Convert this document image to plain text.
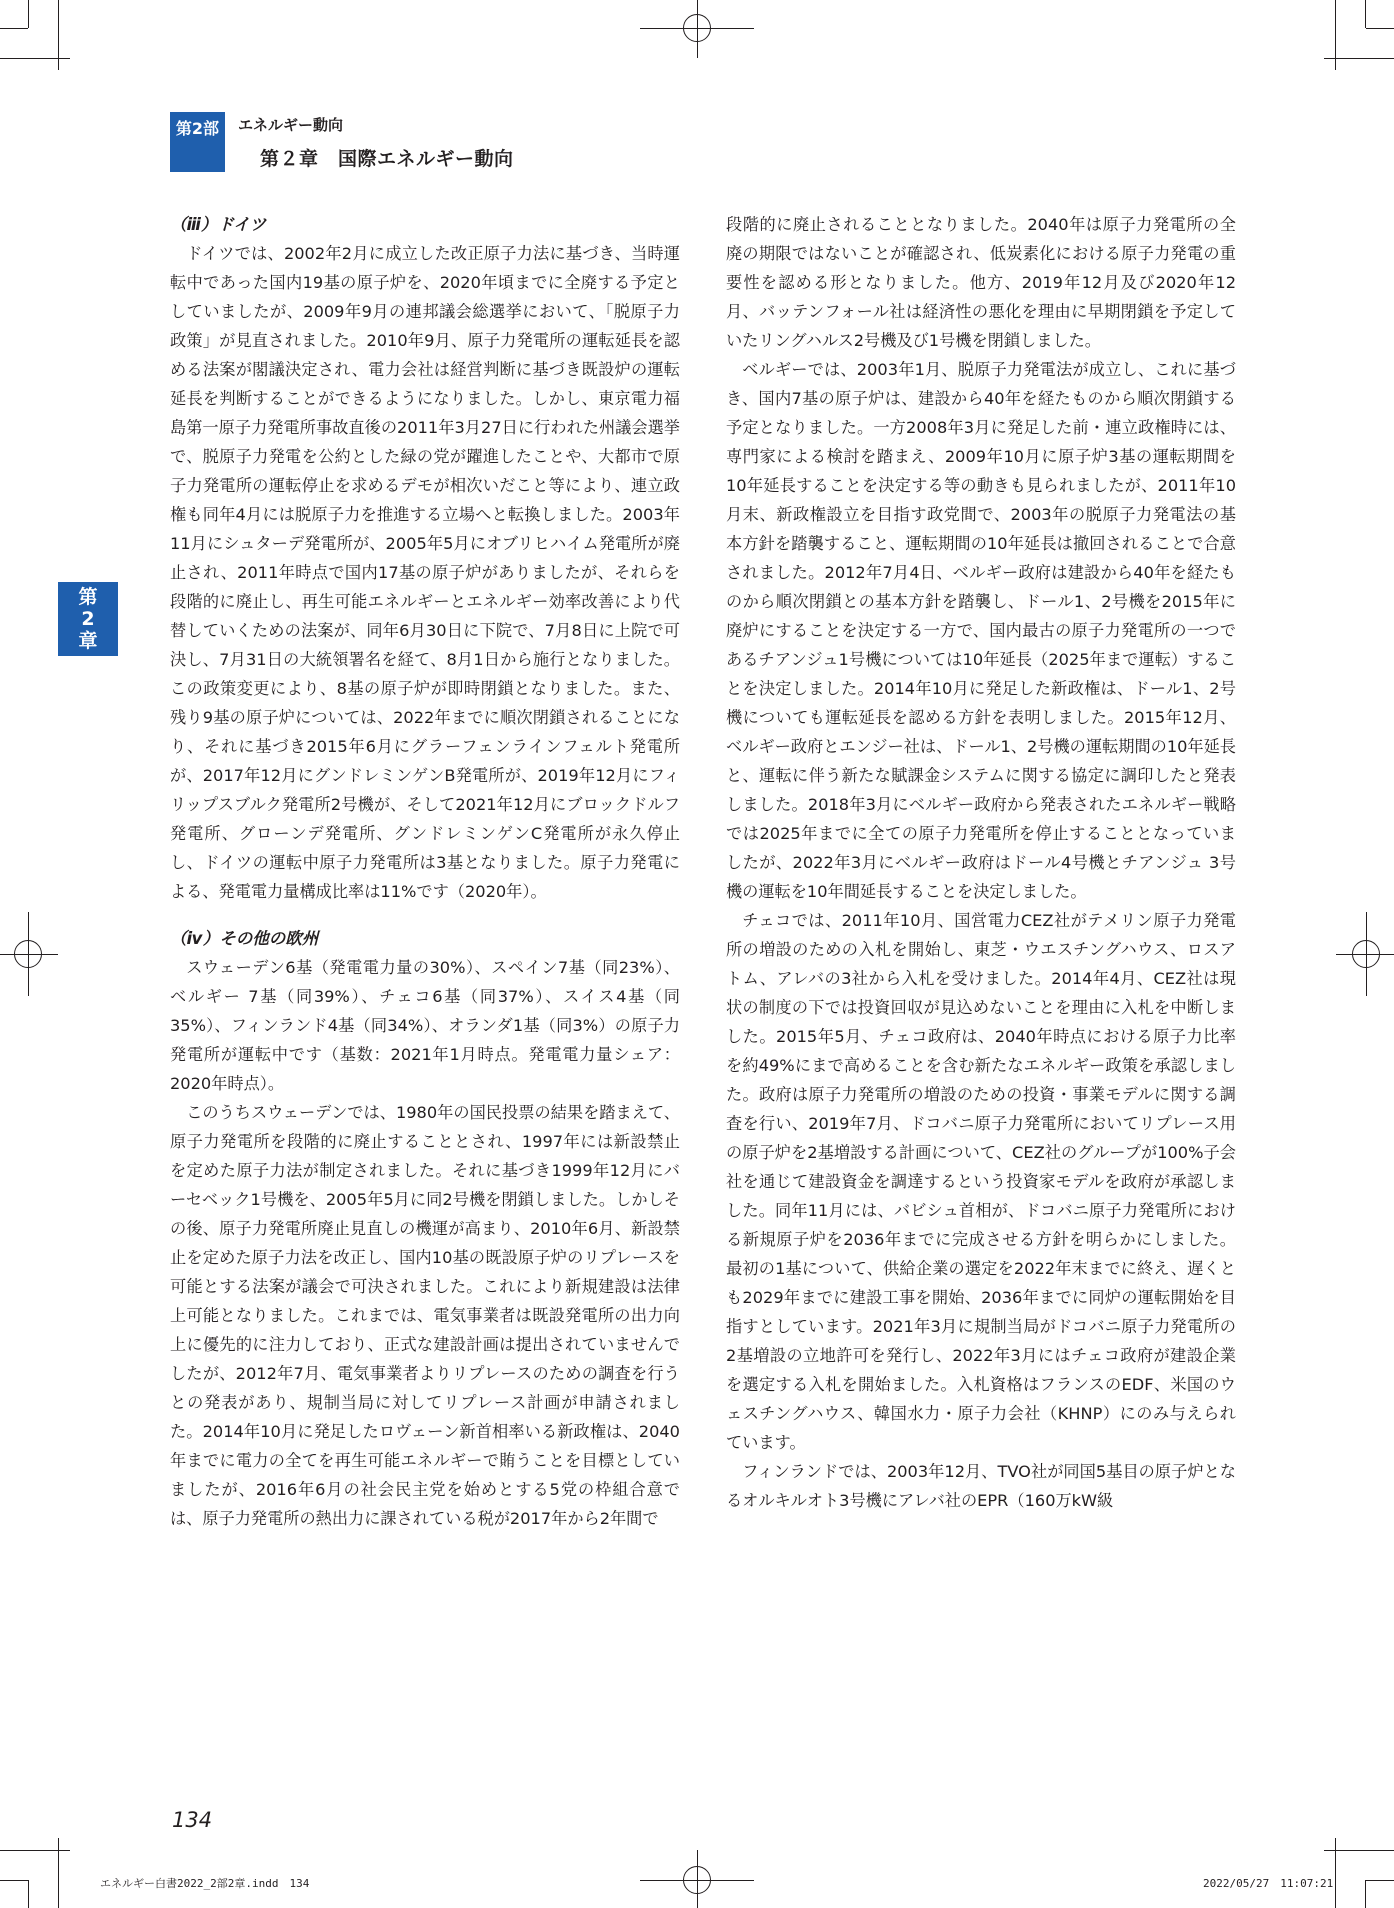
第2部	エネルギー動向
第２章　国際エネルギー動向
第
2
章
（ⅲ）ドイツ

ドイツでは、2002年2月に成立した改正原子力法に基づき、当時運転中であった国内19基の原子炉を、2020年頃までに全廃する予定としていましたが、2009年9月の連邦議会総選挙において、「脱原子力政策」が見直されました。2010年9月、原子力発電所の運転延長を認める法案が閣議決定され、電力会社は経営判断に基づき既設炉の運転延長を判断することができるようになりました。しかし、東京電力福島第一原子力発電所事故直後の2011年3月27日に行われた州議会選挙で、脱原子力発電を公約とした緑の党が躍進したことや、大都市で原子力発電所の運転停止を求めるデモが相次いだこと等により、連立政権も同年4月には脱原子力を推進する立場へと転換しました。2003年11月にシュターデ発電所が、2005年5月にオブリヒハイム発電所が廃止され、2011年時点で国内17基の原子炉がありましたが、それらを段階的に廃止し、再生可能エネルギーとエネルギー効率改善により代替していくための法案が、同年6月30日に下院で、7月8日に上院で可決し、7月31日の大統領署名を経て、8月1日から施行となりました。この政策変更により、8基の原子炉が即時閉鎖となりました。また、残り9基の原子炉については、2022年までに順次閉鎖されることになり、それに基づき2015年6月にグラーフェンラインフェルト発電所が、2017年12月にグンドレミンゲンB発電所が、2019年12月にフィリップスブルク発電所2号機が、そして2021年12月にブロックドルフ発電所、グローンデ発電所、グンドレミンゲンC発電所が永久停止し、ドイツの運転中原子力発電所は3基となりました。原子力発電による、発電電力量構成比率は11%です（2020年）。

（ⅳ）その他の欧州

スウェーデン6基（発電電力量の30%）、スペイン7基（同23%）、ベルギー 7基（同39%）、チェコ6基（同37%）、スイス4基（同35%）、フィンランド4基（同34%）、オランダ1基（同3%）の原子力発電所が運転中です（基数：2021年1月時点。発電電力量シェア：2020年時点）。

このうちスウェーデンでは、1980年の国民投票の結果を踏まえて、原子力発電所を段階的に廃止することとされ、1997年には新設禁止を定めた原子力法が制定されました。それに基づき1999年12月にバーセベック1号機を、2005年5月に同2号機を閉鎖しました。しかしその後、原子力発電所廃止見直しの機運が高まり、2010年6月、新設禁止を定めた原子力法を改正し、国内10基の既設原子炉のリプレースを可能とする法案が議会で可決されました。これにより新規建設は法律上可能となりました。これまでは、電気事業者は既設発電所の出力向上に優先的に注力しており、正式な建設計画は提出されていませんでしたが、2012年7月、電気事業者よりリプレースのための調査を行うとの発表があり、規制当局に対してリプレース計画が申請されました。2014年10月に発足したロヴェーン新首相率いる新政権は、2040年までに電力の全てを再生可能エネルギーで賄うことを目標としていましたが、2016年6月の社会民主党を始めとする5党の枠組合意では、原子力発電所の熱出力に課されている税が2017年から2年間で

段階的に廃止されることとなりました。2040年は原子力発電所の全廃の期限ではないことが確認され、低炭素化における原子力発電の重要性を認める形となりました。他方、2019年12月及び2020年12月、バッテンフォール社は経済性の悪化を理由に早期閉鎖を予定していたリングハルス2号機及び1号機を閉鎖しました。

ベルギーでは、2003年1月、脱原子力発電法が成立し、これに基づき、国内7基の原子炉は、建設から40年を経たものから順次閉鎖する予定となりました。一方2008年3月に発足した前・連立政権時には、専門家による検討を踏まえ、2009年10月に原子炉3基の運転期間を10年延長することを決定する等の動きも見られましたが、2011年10月末、新政権設立を目指す政党間で、2003年の脱原子力発電法の基本方針を踏襲すること、運転期間の10年延長は撤回されることで合意されました。2012年7月4日、ベルギー政府は建設から40年を経たものから順次閉鎖との基本方針を踏襲し、ドール1、2号機を2015年に廃炉にすることを決定する一方で、国内最古の原子力発電所の一つであるチアンジュ1号機については10年延長（2025年まで運転）することを決定しました。2014年10月に発足した新政権は、ドール1、2号機についても運転延長を認める方針を表明しました。2015年12月、ベルギー政府とエンジー社は、ドール1、2号機の運転期間の10年延長と、運転に伴う新たな賦課金システムに関する協定に調印したと発表しました。2018年3月にベルギー政府から発表されたエネルギー戦略では2025年までに全ての原子力発電所を停止することとなっていましたが、2022年3月にベルギー政府はドール4号機とチアンジュ 3号機の運転を10年間延長することを決定しました。

チェコでは、2011年10月、国営電力CEZ社がテメリン原子力発電所の増設のための入札を開始し、東芝・ウエスチングハウス、ロスアトム、アレバの3社から入札を受けました。2014年4月、CEZ社は現状の制度の下では投資回収が見込めないことを理由に入札を中断しました。2015年5月、チェコ政府は、2040年時点における原子力比率を約49%にまで高めることを含む新たなエネルギー政策を承認しました。政府は原子力発電所の増設のための投資・事業モデルに関する調査を行い、2019年7月、ドコバニ原子力発電所においてリプレース用の原子炉を2基増設する計画について、CEZ社のグループが100%子会社を通じて建設資金を調達するという投資家モデルを政府が承認しました。同年11月には、バビシュ首相が、ドコバニ原子力発電所における新規原子炉を2036年までに完成させる方針を明らかにしました。最初の1基について、供給企業の選定を2022年末までに終え、遅くとも2029年までに建設工事を開始、2036年までに同炉の運転開始を目指すとしています。2021年3月に規制当局がドコバニ原子力発電所の2基増設の立地許可を発行し、2022年3月にはチェコ政府が建設企業を選定する入札を開始ました。入札資格はフランスのEDF、米国のウェスチングハウス、韓国水力・原子力会社（KHNP）にのみ与えられています。

フィンランドでは、2003年12月、TVO社が同国5基目の原子炉となるオルキルオト3号機にアレバ社のEPR（160万kW級

134
エネルギー白書2022_2部2章.indd　134	2022/05/27　11:07:21
